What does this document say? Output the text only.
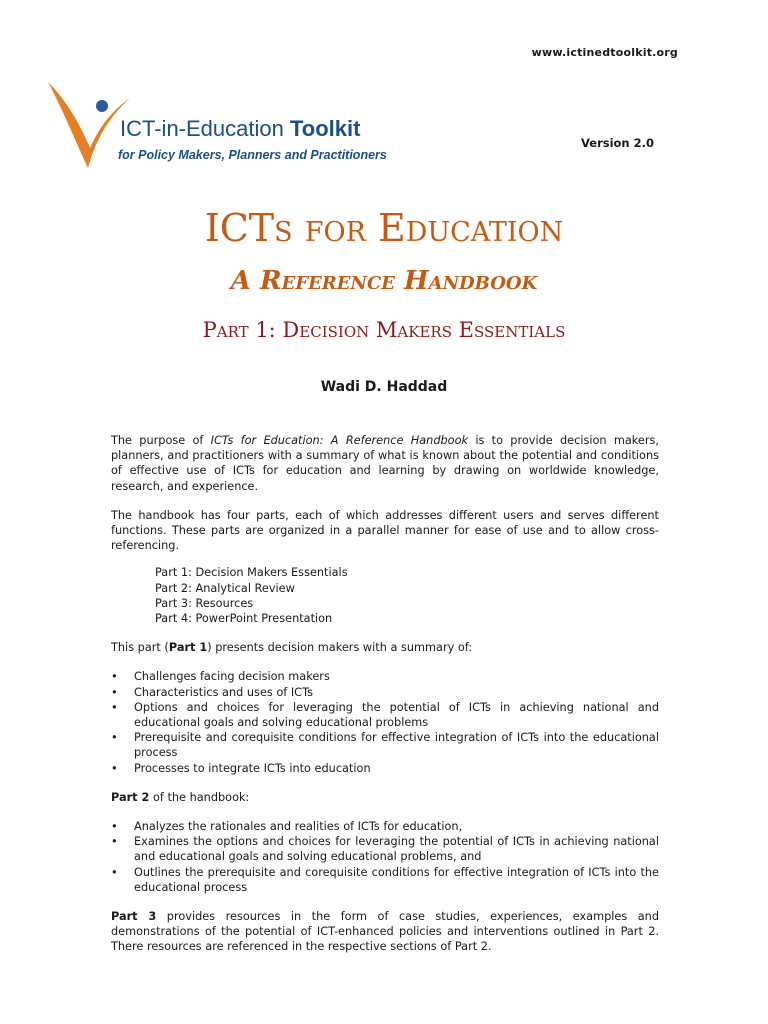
www.ictinedtoolkit.org
ICT-in-Education Toolkit
for Policy Makers, Planners and Practitioners
Version 2.0
ICTs for Education
A Reference Handbook
Part 1: Decision Makers Essentials
Wadi D. Haddad

The purpose of ICTs for Education: A Reference Handbook is to provide decision makers, planners, and practitioners with a summary of what is known about the potential and conditions of effective use of ICTs for education and learning by drawing on worldwide knowledge, research, and experience.

The handbook has four parts, each of which addresses different users and serves different functions. These parts are organized in a parallel manner for ease of use and to allow cross-referencing.

Part 1: Decision Makers Essentials
Part 2: Analytical Review
Part 3: Resources
Part 4: PowerPoint Presentation

This part (Part 1) presents decision makers with a summary of:

• Challenges facing decision makers
• Characteristics and uses of ICTs
• Options and choices for leveraging the potential of ICTs in achieving national and educational goals and solving educational problems
• Prerequisite and corequisite conditions for effective integration of ICTs into the educational process
• Processes to integrate ICTs into education

Part 2 of the handbook:

• Analyzes the rationales and realities of ICTs for education,
• Examines the options and choices for leveraging the potential of ICTs in achieving national and educational goals and solving educational problems, and
• Outlines the prerequisite and corequisite conditions for effective integration of ICTs into the educational process

Part 3 provides resources in the form of case studies, experiences, examples and demonstrations of the potential of ICT-enhanced policies and interventions outlined in Part 2. There resources are referenced in the respective sections of Part 2.
